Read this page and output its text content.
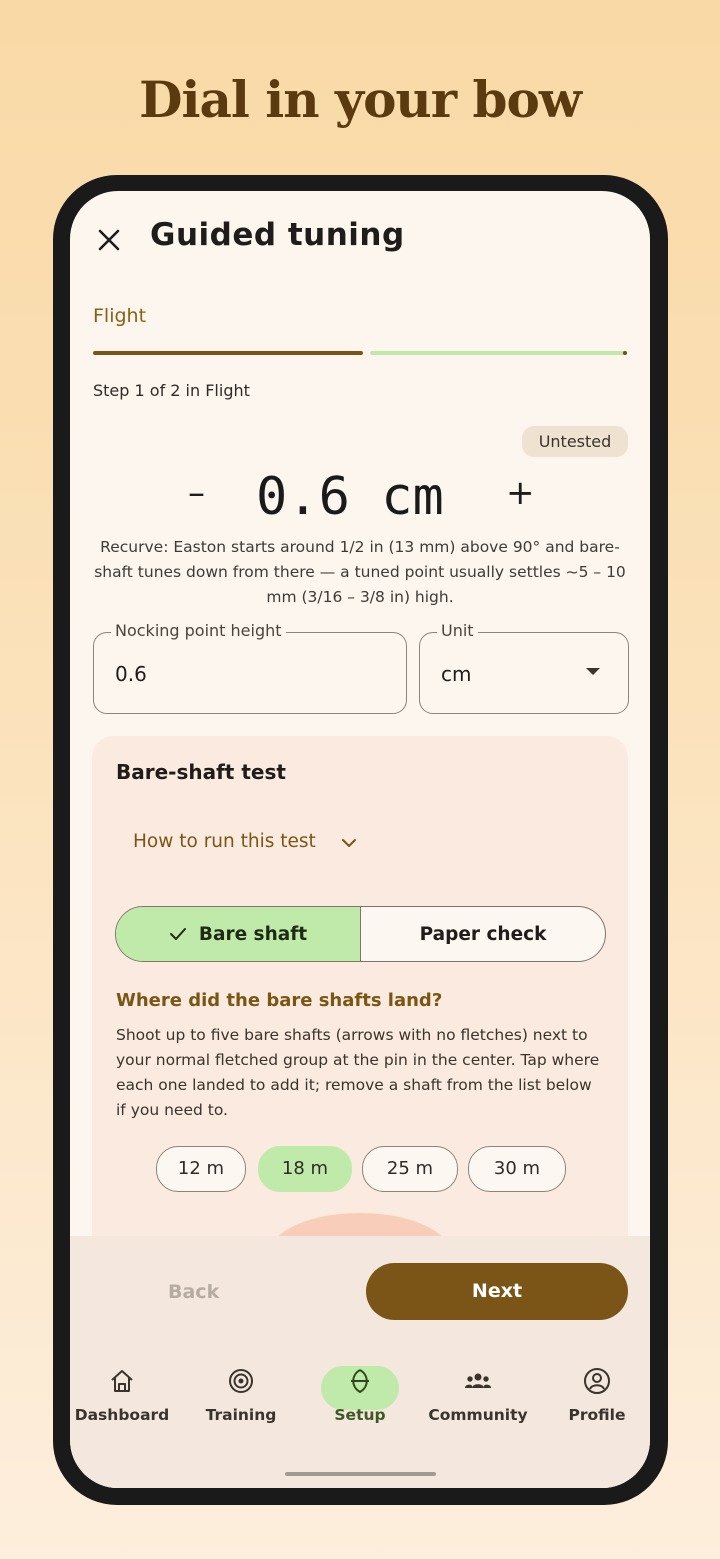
Dial in your bow
Guided tuning
Flight
Step 1 of 2 in Flight
Untested
– 0.6 cm +
Recurve: Easton starts around 1/2 in (13 mm) above 90° and bare-shaft tunes down from there — a tuned point usually settles ~5 – 10 mm (3/16 – 3/8 in) high.
Nocking point height
0.6
Unit
cm
Bare-shaft test
How to run this test
Bare shaft	Paper check
Where did the bare shafts land?
Shoot up to five bare shafts (arrows with no fletches) next to your normal fletched group at the pin in the center. Tap where each one landed to add it; remove a shaft from the list below if you need to.
12 m	18 m	25 m	30 m
Back	Next
Dashboard	Training	Setup	Community	Profile
